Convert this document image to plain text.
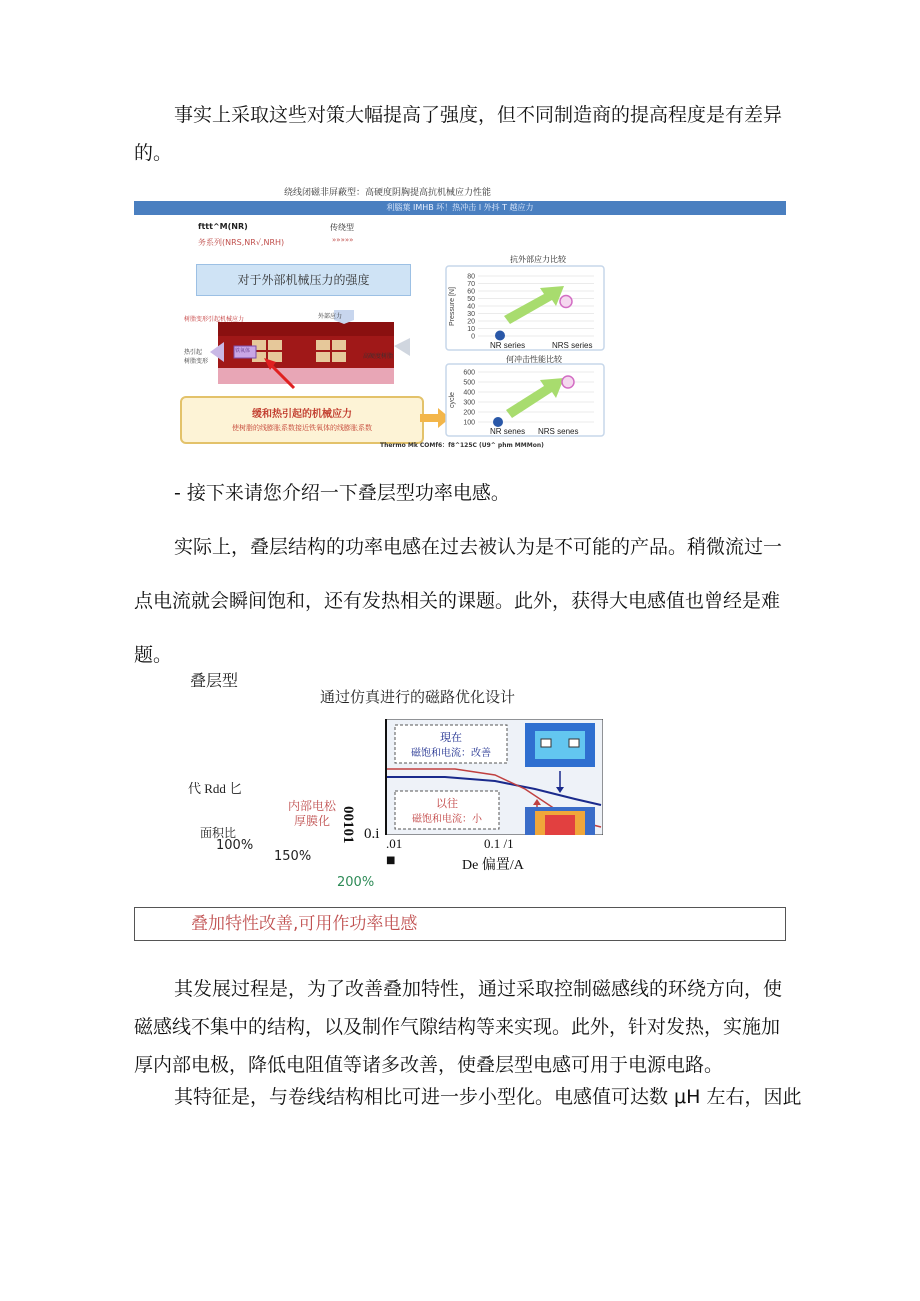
事实上采取这些对策大幅提高了强度，但不同制造商的提高程度是有差异
的。
绕线闭磁非屏蔽型：高硬度阴胸提高抗机械应力性能
利腦葉 IMHB 坏！热冲击 l 外抖 T 越应力
fttt^M(NR)
务系列(NRS,NR√,NRH)
传绕型
»»»»»
对于外部机械压力的强度
树脂变形引起机械应力	外部应力
热引起
树脂变形
铁氧体
高硬度树脂
缓和热引起的机械应力
使树脂的线膨胀系数接近铁氧体的线膨胀系数
抗外部应力比较
Pressure [N]
80
70
60
50
40
30
20
10
0
NR series	NRS series
何冲击性能比较
cycle
600
500
400
300
200
100
NR senes NRS senes
Thermo Mk COMf6：f8^125C (U9^ phm MMMon)
- 接下来请您介绍一下叠层型功率电感。
实际上，叠层结构的功率电感在过去被认为是不可能的产品。稍微流过一
点电流就会瞬间饱和，还有发热相关的课题。此外，获得大电感值也曾经是难题。
叠层型
通过仿真进行的磁路优化设计
代 Rdd 匕
内部电松
厚膜化
面积比
100%
150%
200%
00101 0.i
現在
磁饱和电流：改善
以往
磁饱和电流：小
.01	0.1 /1
■	De 偏置/A
叠加特性改善,可用作功率电感
其发展过程是，为了改善叠加特性，通过采取控制磁感线的环绕方向，使
磁感线不集中的结构，以及制作气隙结构等来实现。此外，针对发热，实施加
厚内部电极，降低电阻值等诸多改善，使叠层型电感可用于电源电路。
其特征是，与卷线结构相比可进一步小型化。电感值可达数 μH 左右，因此
